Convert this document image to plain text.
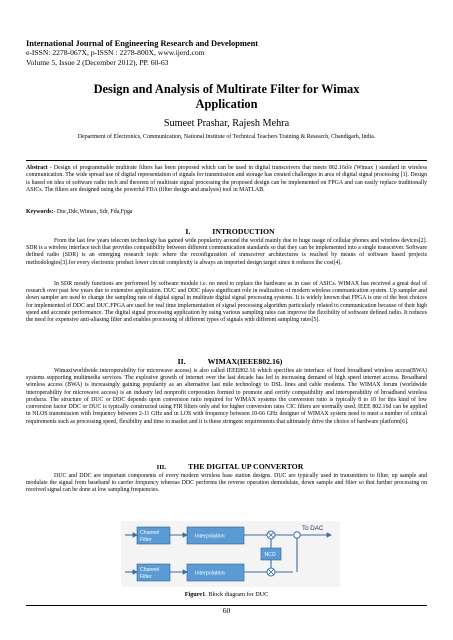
International Journal of Engineering Research and Development
e-ISSN: 2278-067X, p-ISSN : 2278-800X, www.ijerd.com
Volume 5, Issue 2 (December 2012), PP. 60-63
Design and Analysis of Multirate Filter for Wimax
Application
Sumeet Prashar, Rajesh Mehra
Department of Electronics, Communication, National Institute of Technical Teachers Training & Research, Chandigarh, India.
Abstract - Design of programmable multirate filters has been proposed which can be used in digital transceivers that meets 802.16d/e (Wimax ) standard in wireless communication. The wide spread use of digital representation of signals for transmission and storage has created challenges in area of digital signal processing [1]. Design is based on idea of software radio tech and theorem of multirate signal processing the proposed design can be implemented on FPGA and can easily replace traditionally ASICs. The filters are designed using the powerful FDA (filter design and analysis) tool in MATLAB.
Keywords:- Duc,Ddc,Wimax, Sdr, Fda,Fpga
I.	INTRODUCTION
From the last few years telecom technology has gained wide popularity around the world mainly due to huge usage of cellular phones and wireless devices[2]. SDR is a wireless interface tech that provides compatibility between different communication standards so that they can be implemented into a single transceiver. Software defined radio (SDR) is an emerging research topic where the reconfiguration of transceiver architectures is reached by means of software based projects methodologies[3].for every electronic product lower circuit complexity is always an imported design target since it reduces the cost[4].
In SDR mostly functions are performed by software module i.e. no need to replace the hardware as in case of ASICs. WIMAX has received a great deal of research over past few years due to extensive application. DUC and DDC plays significant role in realization of modern wireless communication system. Up sampler and down sampler are used to change the sampling rate of digital signal in multirate digital signal processing systems. It is widely known that FPGA is one of the best choices for implemented of DDC and DUC.FPGA are used for real time implementation of signal processing algorithm particularly related to communication because of their high speed and accurate performance. The digital signal processing application by using various sampling rates can improve the flexibility of software defined radio. It reduces the need for expensive anti-aliasing filter and enables processing of different types of signals with different sampling rates[5].
II.	WIMAX(IEEE802.16)
Wimax(worldwide interoperability for microwave access) is also called IEEE802.16 which specifies air interface of fixed broadband wireless access(BWA) systems supporting multimedia services. The explosive growth of internet over the last decade has led to increasing demand of high speed internet access. Broadband wireless access (BWA) is increasingly gaining popularity as an alternative last mile technology to DSL lines and cable modems. The WIMAX forum (worldwide interoperability for microwave access) is an industry led nonprofit corporation formed to promote and certify compatibility and interoperability of broadband wireless products. The structure of DUC or DDC depends upon conversion ratio required for WIMAX systems the conversion ratio is typically 8 to 10 for this kind of low conversion factor DDC or DUC is typically constructed using FIR filters only and for higher conversion rates CIC filters are normally used. IEEE 802.16d can be applied in NLOS transmission with frequency between 2-11 GHz and in LOS with frequency between 10-66 GHz designer of WIMAX system need to meet a number of critical requirements such as processing speed, flexibility and time to market and it is these stringent requirements that ultimately drive the choice of hardware platform[6].
III.	THE DIGITAL UP CONVERTOR
DUC and DDC are important components of every modern wireless base station designs. DUC are typically used in transmitters to filter, up sample and modulate the signal from baseband to carrier frequency whereas DDC performs the reverse operation demodulate, down sample and filter so that further processing on received signal can be done at low sampling frequencies.
Channel
Filter
Interpolation
Channel
Filter
Interpolation
NCO
To DAC
Figure1. Block diagram for DUC
60
